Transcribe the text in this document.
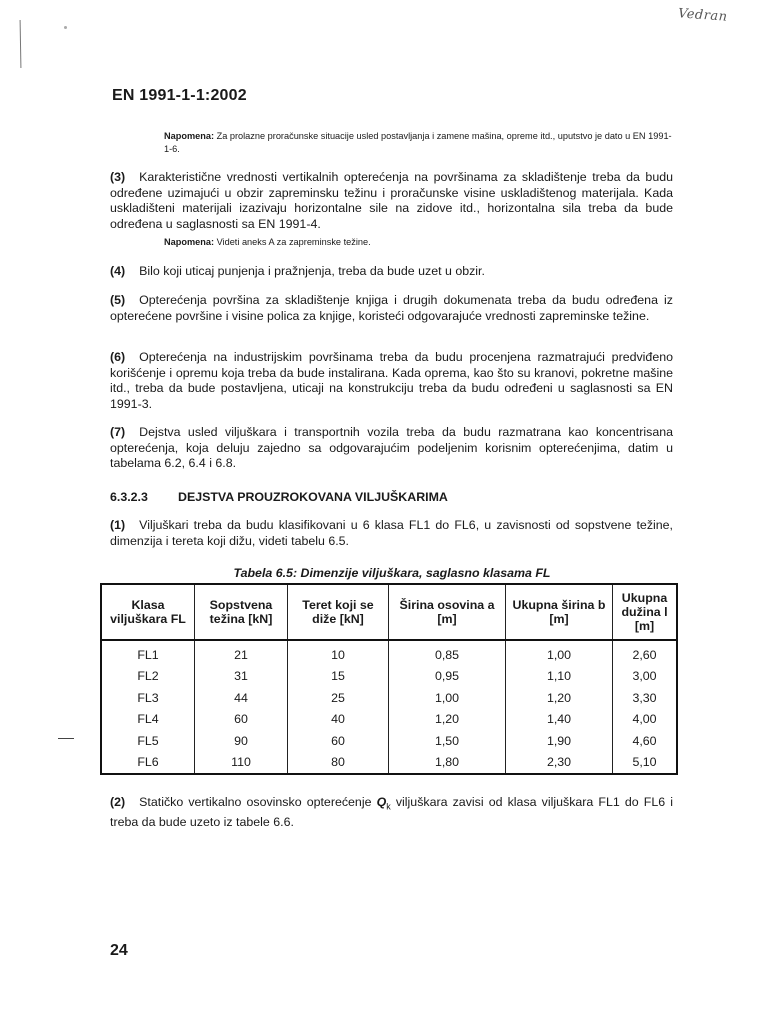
Vedran
EN 1991-1-1:2002
Napomena: Za prolazne proračunske situacije usled postavljanja i zamene mašina, opreme itd., uputstvo je dato u EN 1991-1-6.
(3) Karakteristične vrednosti vertikalnih opterećenja na površinama za skladištenje treba da budu određene uzimajući u obzir zapreminsku težinu i proračunske visine uskladištenog materijala. Kada uskladišteni materijali izazivaju horizontalne sile na zidove itd., horizontalna sila treba da bude određena u saglasnosti sa EN 1991-4.
Napomena: Videti aneks A za zapreminske težine.
(4) Bilo koji uticaj punjenja i pražnjenja, treba da bude uzet u obzir.
(5) Opterećenja površina za skladištenje knjiga i drugih dokumenata treba da budu određena iz opterećene površine i visine polica za knjige, koristeći odgovarajuće vrednosti zapreminske težine.
(6) Opterećenja na industrijskim površinama treba da budu procenjena razmatrajući predviđeno korišćenje i opremu koja treba da bude instalirana. Kada oprema, kao što su kranovi, pokretne mašine itd., treba da bude postavljena, uticaji na konstrukciju treba da budu određeni u saglasnosti sa EN 1991-3.
(7) Dejstva usled viljuškara i transportnih vozila treba da budu razmatrana kao koncentrisana opterećenja, koja deluju zajedno sa odgovarajućim podeljenim korisnim opterećenjima, datim u tabelama 6.2, 6.4 i 6.8.
6.3.2.3 DEJSTVA PROUZROKOVANA VILJUŠKARIMA
(1) Viljuškari treba da budu klasifikovani u 6 klasa FL1 do FL6, u zavisnosti od sopstvene težine, dimenzija i tereta koji dižu, videti tabelu 6.5.
Tabela 6.5: Dimenzije viljuškara, saglasno klasama FL
Klasa viljuškara FL	Sopstvena težina [kN]	Teret koji se diže [kN]	Širina osovina a [m]	Ukupna širina b [m]	Ukupna dužina l [m]
FL1	21	10	0,85	1,00	2,60
FL2	31	15	0,95	1,10	3,00
FL3	44	25	1,00	1,20	3,30
FL4	60	40	1,20	1,40	4,00
FL5	90	60	1,50	1,90	4,60
FL6	110	80	1,80	2,30	5,10
(2) Statičko vertikalno osovinsko opterećenje $Q_k$ viljuškara zavisi od klasa viljuškara FL1 do FL6 i treba da bude uzeto iz tabele 6.6.
24
